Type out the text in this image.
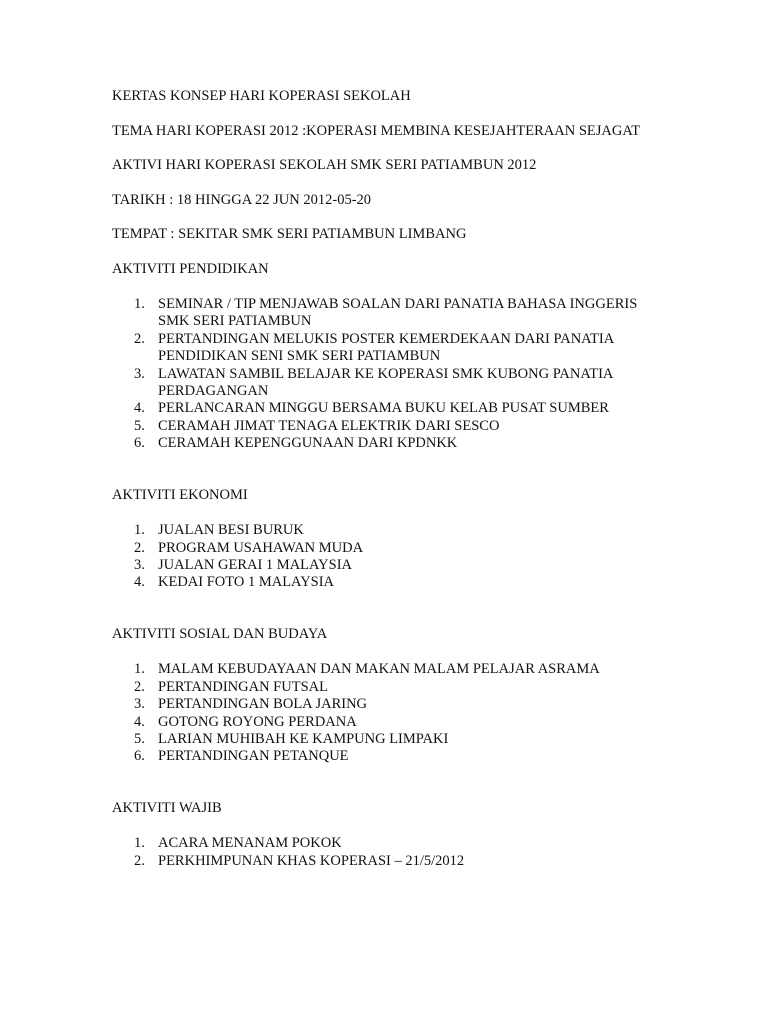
KERTAS KONSEP HARI KOPERASI SEKOLAH
TEMA HARI KOPERASI 2012 :KOPERASI MEMBINA KESEJAHTERAAN SEJAGAT
AKTIVI HARI KOPERASI SEKOLAH SMK SERI PATIAMBUN 2012
TARIKH : 18 HINGGA 22 JUN 2012-05-20
TEMPAT : SEKITAR SMK SERI PATIAMBUN LIMBANG
AKTIVITI PENDIDIKAN
1. SEMINAR / TIP MENJAWAB SOALAN DARI PANATIA BAHASA INGGERIS SMK SERI PATIAMBUN
2. PERTANDINGAN MELUKIS POSTER KEMERDEKAAN DARI PANATIA PENDIDIKAN SENI SMK SERI PATIAMBUN
3. LAWATAN SAMBIL BELAJAR KE KOPERASI SMK KUBONG PANATIA PERDAGANGAN
4. PERLANCARAN MINGGU BERSAMA BUKU KELAB PUSAT SUMBER
5. CERAMAH JIMAT TENAGA ELEKTRIK DARI SESCO
6. CERAMAH KEPENGGUNAAN DARI KPDNKK
AKTIVITI EKONOMI
1. JUALAN BESI BURUK
2. PROGRAM USAHAWAN MUDA
3. JUALAN GERAI 1 MALAYSIA
4. KEDAI FOTO 1 MALAYSIA
AKTIVITI SOSIAL DAN BUDAYA
1. MALAM KEBUDAYAAN DAN MAKAN MALAM PELAJAR ASRAMA
2. PERTANDINGAN FUTSAL
3. PERTANDINGAN BOLA JARING
4. GOTONG ROYONG PERDANA
5. LARIAN MUHIBAH KE KAMPUNG LIMPAKI
6. PERTANDINGAN PETANQUE
AKTIVITI WAJIB
1. ACARA MENANAM POKOK
2. PERKHIMPUNAN KHAS KOPERASI – 21/5/2012
